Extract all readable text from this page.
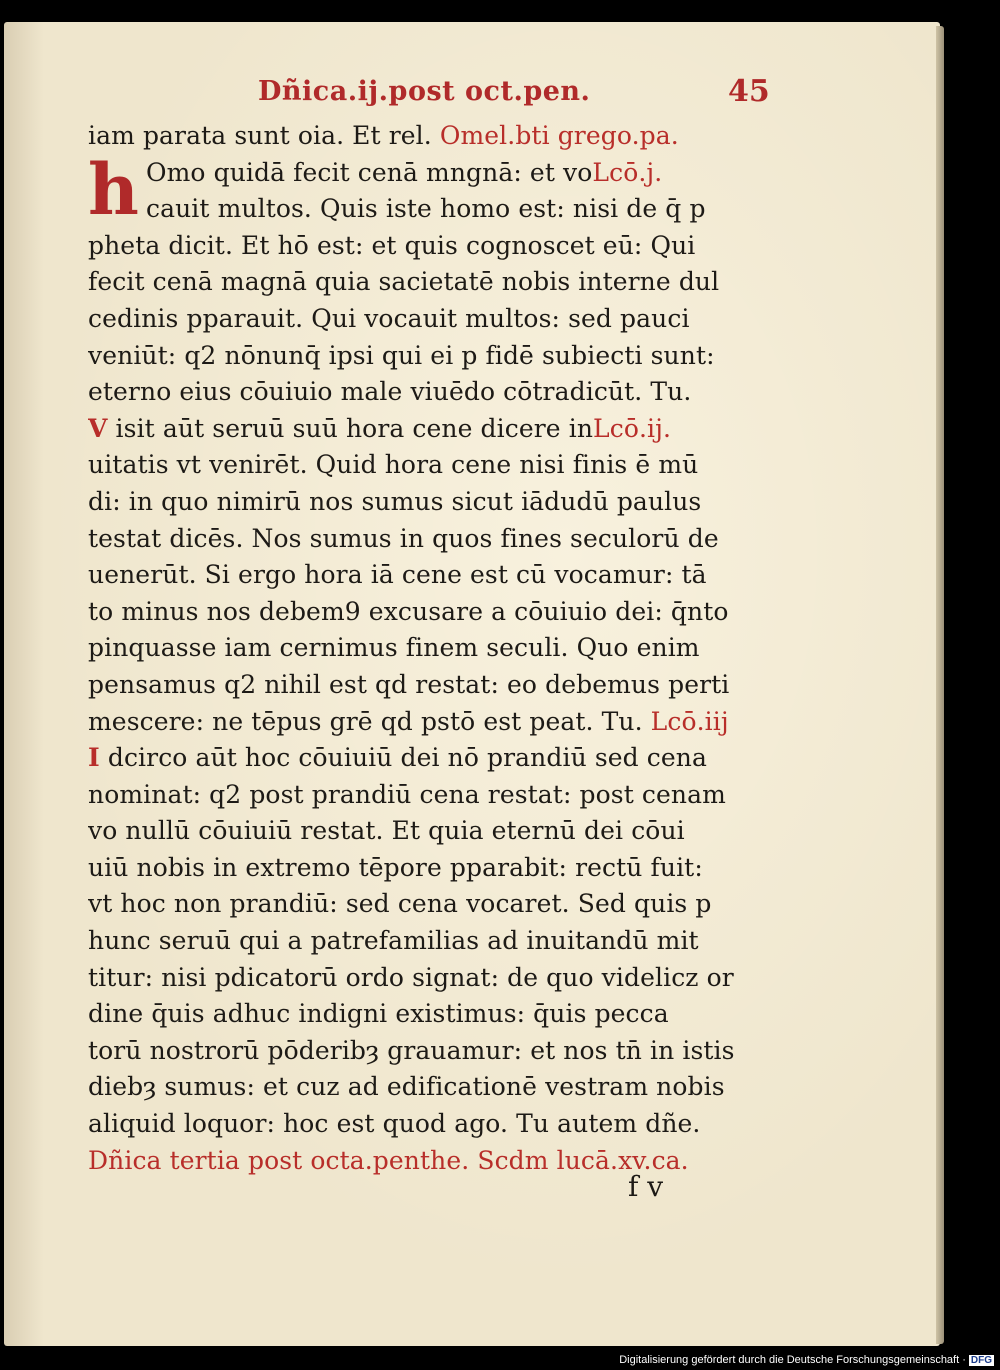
Dñica.ij.post oct.pen.	45
iam parata sunt oia. Et rel. Omel.bti grego.pa.
h Omo quidā fecit cenā mngnā: et voLcō.j.
cauit multos. Quis iste homo est: nisi de q̄ p
pheta dicit. Et hō est: et quis cognoscet eū: Qui
fecit cenā magnā quia sacietatē nobis interne dul
cedinis pparauit. Qui vocauit multos: sed pauci
veniūt: q2 nōnunq̄ ipsi qui ei p fidē subiecti sunt:
eterno eius cōuiuio male viuēdo cōtradicūt. Tu.
V isit aūt seruū suū hora cene dicere inLcō.ij.
uitatis vt venirēt. Quid hora cene nisi finis ē mū
di: in quo nimirū nos sumus sicut iādudū paulus
testat dicēs. Nos sumus in quos fines seculorū de
uenerūt. Si ergo hora iā cene est cū vocamur: tā
to minus nos debem9 excusare a cōuiuio dei: q̄nto
pinquasse iam cernimus finem seculi. Quo enim
pensamus q2 nihil est qd restat: eo debemus perti
mescere: ne tēpus grē qd pstō est peat. Tu. Lcō.iij
I dcirco aūt hoc cōuiuiū dei nō prandiū sed cena
nominat: q2 post prandiū cena restat: post cenam
vo nullū cōuiuiū restat. Et quia eternū dei cōui
uiū nobis in extremo tēpore pparabit: rectū fuit:
vt hoc non prandiū: sed cena vocaret. Sed quis p
hunc seruū qui a patrefamilias ad inuitandū mit
titur: nisi pdicatorū ordo signat: de quo videlicz or
dine q̄uis adhuc indigni existimus: q̄uis pecca
torū nostrorū pōderibȝ grauamur: et nos tn̄ in istis
diebȝ sumus: et cuz ad edificationē vestram nobis
aliquid loquor: hoc est quod ago. Tu autem dñe.
Dñica tertia post octa.penthe. Scdm lucā.xv.ca.
f v
Digitalisierung gefördert durch die Deutsche Forschungsgemeinschaft · DFG
